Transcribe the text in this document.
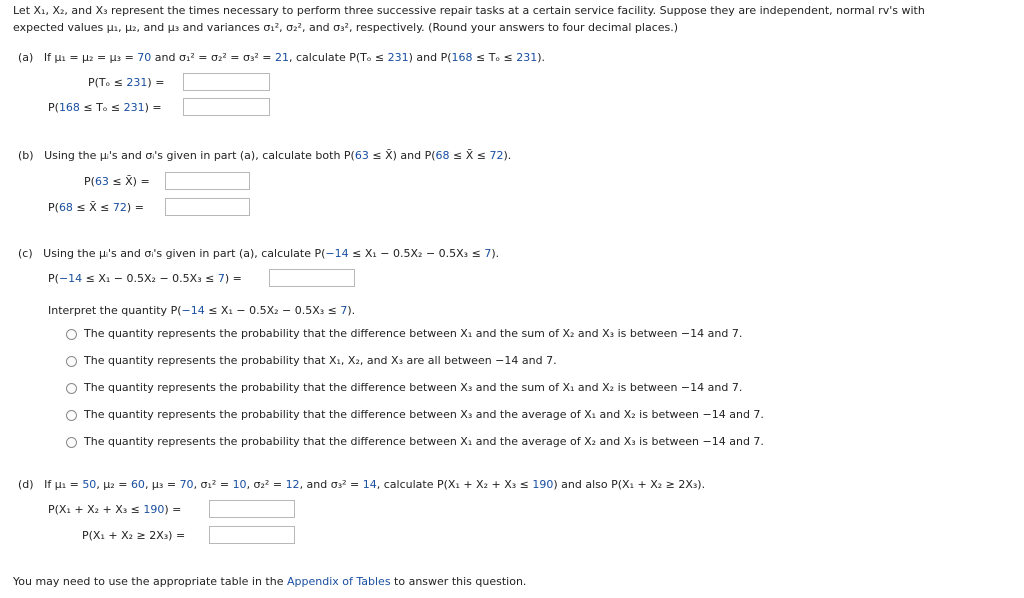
Let X₁, X₂, and X₃ represent the times necessary to perform three successive repair tasks at a certain service facility. Suppose they are independent, normal rv's with
expected values μ₁, μ₂, and μ₃ and variances σ₁², σ₂², and σ₃², respectively. (Round your answers to four decimal places.)
(a) If μ₁ = μ₂ = μ₃ = 70 and σ₁² = σ₂² = σ₃² = 21, calculate P(Tₒ ≤ 231) and P(168 ≤ Tₒ ≤ 231).
P(Tₒ ≤ 231) =
P(168 ≤ Tₒ ≤ 231) =
(b) Using the μᵢ's and σᵢ's given in part (a), calculate both P(63 ≤ X̄) and P(68 ≤ X̄ ≤ 72).
P(63 ≤ X̄) =
P(68 ≤ X̄ ≤ 72) =
(c) Using the μᵢ's and σᵢ's given in part (a), calculate P(−14 ≤ X₁ − 0.5X₂ − 0.5X₃ ≤ 7).
P(−14 ≤ X₁ − 0.5X₂ − 0.5X₃ ≤ 7) =
Interpret the quantity P(−14 ≤ X₁ − 0.5X₂ − 0.5X₃ ≤ 7).
The quantity represents the probability that the difference between X₁ and the sum of X₂ and X₃ is between −14 and 7.
The quantity represents the probability that X₁, X₂, and X₃ are all between −14 and 7.
The quantity represents the probability that the difference between X₃ and the sum of X₁ and X₂ is between −14 and 7.
The quantity represents the probability that the difference between X₃ and the average of X₁ and X₂ is between −14 and 7.
The quantity represents the probability that the difference between X₁ and the average of X₂ and X₃ is between −14 and 7.
(d) If μ₁ = 50, μ₂ = 60, μ₃ = 70, σ₁² = 10, σ₂² = 12, and σ₃² = 14, calculate P(X₁ + X₂ + X₃ ≤ 190) and also P(X₁ + X₂ ≥ 2X₃).
P(X₁ + X₂ + X₃ ≤ 190) =
P(X₁ + X₂ ≥ 2X₃) =
You may need to use the appropriate table in the Appendix of Tables to answer this question.
